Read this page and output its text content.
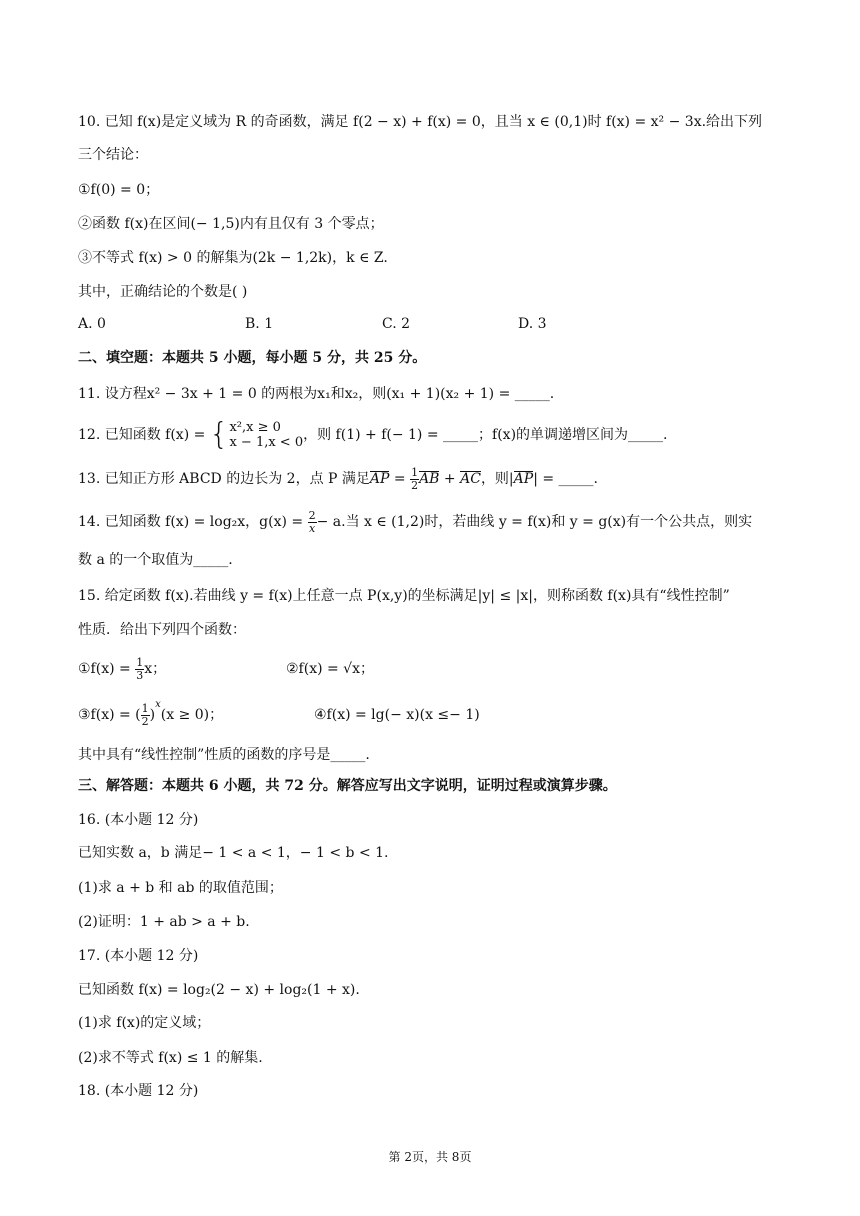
10. 已知 f(x)是定义域为 R 的奇函数，满足 f(2 − x) + f(x) = 0，且当 x ∈ (0,1)时 f(x) = x² − 3x.给出下列
三个结论：
①f(0) = 0；
②函数 f(x)在区间(− 1,5)内有且仅有 3 个零点；
③不等式 f(x) > 0 的解集为(2k − 1,2k)，k ∈ Z.
其中，正确结论的个数是( )
A. 0	B. 1	C. 2	D. 3
二、填空题：本题共 5 小题，每小题 5 分，共 25 分。
11. 设方程x² − 3x + 1 = 0 的两根为x₁和x₂，则(x₁ + 1)(x₂ + 1) = _____.
12. 已知函数 f(x) = { x²,x ≥ 0
x − 1,x < 0 ，则 f(1) + f(− 1) = _____；f(x)的单调递增区间为_____.
13. 已知正方形 ABCD 的边长为 2，点 P 满足 AP = $\frac{1}{2}$ AB + AC ，则| AP | = _____.
14. 已知函数 f(x) = log₂x，$g(x) = \frac{2}{x} - a$.当 x ∈ (1,2)时，若曲线 y = f(x)和 y = g(x)有一个公共点，则实
数 a 的一个取值为_____.
15. 给定函数 f(x).若曲线 y = f(x)上任意一点 P(x,y)的坐标满足|y| ≤ |x|，则称函数 f(x)具有“线性控制”
性质．给出下列四个函数：
①f(x) = $\frac{1}{3}$ x；	②f(x) = √x；
③f(x) = ( $\frac{1}{2}$ )
x
(x ≥ 0)；	④f(x) = lg(− x)(x ≤− 1)
其中具有“线性控制”性质的函数的序号是_____.
三、解答题：本题共 6 小题，共 72 分。解答应写出文字说明，证明过程或演算步骤。
16. (本小题 12 分)
已知实数 a，b 满足− 1 < a < 1，− 1 < b < 1.
(1)求 a + b 和 ab 的取值范围；
(2)证明：1 + ab > a + b.
17. (本小题 12 分)
已知函数 f(x) = log₂(2 − x) + log₂(1 + x).
(1)求 f(x)的定义域；
(2)求不等式 f(x) ≤ 1 的解集.
18. (本小题 12 分)
第 2页，共 8页
